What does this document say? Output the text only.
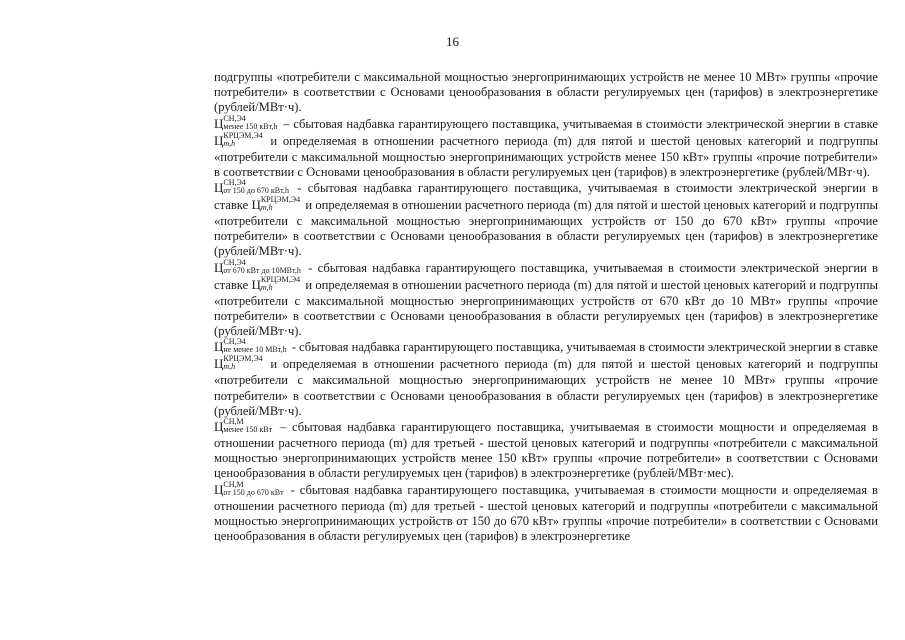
16

подгруппы «потребители с максимальной мощностью энергопринимающих устройств не менее 10 МВт» группы «прочие потребители» в соответствии с Основами ценообразования в области регулируемых цен (тарифов) в электроэнергетике (рублей/МВт·ч).

Ц СН,Э4
менее 150 кВт,h – сбытовая надбавка гарантирующего поставщика, учитываемая в стоимости электрической энергии в ставке Ц КРЦЭМ,Э4
m,h	и определяемая в отношении расчетного периода (m) для пятой и шестой ценовых категорий и подгруппы «потребители с максимальной мощностью энергопринимающих устройств менее 150 кВт» группы «прочие потребители» в соответствии с Основами ценообразования в области регулируемых цен (тарифов) в электроэнергетике (рублей/МВт·ч).

Ц СН,Э4
от 150 до 670 кВт,h - сбытовая надбавка гарантирующего поставщика, учитываемая в стоимости электрической энергии в ставке Ц КРЦЭМ,Э4
m,h	и определяемая в отношении расчетного периода (m) для пятой и шестой ценовых категорий и подгруппы «потребители с максимальной мощностью энергопринимающих устройств от 150 до 670 кВт» группы «прочие потребители» в соответствии с Основами ценообразования в области регулируемых цен (тарифов) в электроэнергетике (рублей/МВт·ч).

Ц СН,Э4
от 670 кВт до 10МВт,h - сбытовая надбавка гарантирующего поставщика, учитываемая в стоимости электрической энергии в ставке Ц КРЦЭМ,Э4
m,h	и определяемая в отношении расчетного периода (m) для пятой и шестой ценовых категорий и подгруппы «потребители с максимальной мощностью энергопринимающих устройств от 670 кВт до 10 МВт» группы «прочие потребители» в соответствии с Основами ценообразования в области регулируемых цен (тарифов) в электроэнергетике (рублей/МВт·ч).

Ц СН,Э4
не менее 10 МВт,h - сбытовая надбавка гарантирующего поставщика, учитываемая в стоимости электрической энергии в ставке Ц КРЦЭМ,Э4
m,h	и определяемая в отношении расчетного периода (m) для пятой и шестой ценовых категорий и подгруппы «потребители с максимальной мощностью энергопринимающих устройств не менее 10 МВт» группы «прочие потребители» в соответствии с Основами ценообразования в области регулируемых цен (тарифов) в электроэнергетике (рублей/МВт·ч).

Ц СН,М
менее 150 кВт – сбытовая надбавка гарантирующего поставщика, учитываемая в стоимости мощности и определяемая в отношении расчетного периода (m) для третьей - шестой ценовых категорий и подгруппы «потребители с максимальной мощностью энергопринимающих устройств менее 150 кВт» группы «прочие потребители» в соответствии с Основами ценообразования в области регулируемых цен (тарифов) в электроэнергетике (рублей/МВт·мес).

Ц СН,М
от 150 до 670 кВт - сбытовая надбавка гарантирующего поставщика, учитываемая в стоимости мощности и определяемая в отношении расчетного периода (m) для третьей - шестой ценовых категорий и подгруппы «потребители с максимальной мощностью энергопринимающих устройств от 150 до 670 кВт» группы «прочие потребители» в соответствии с Основами ценообразования в области регулируемых цен (тарифов) в электроэнергетике
